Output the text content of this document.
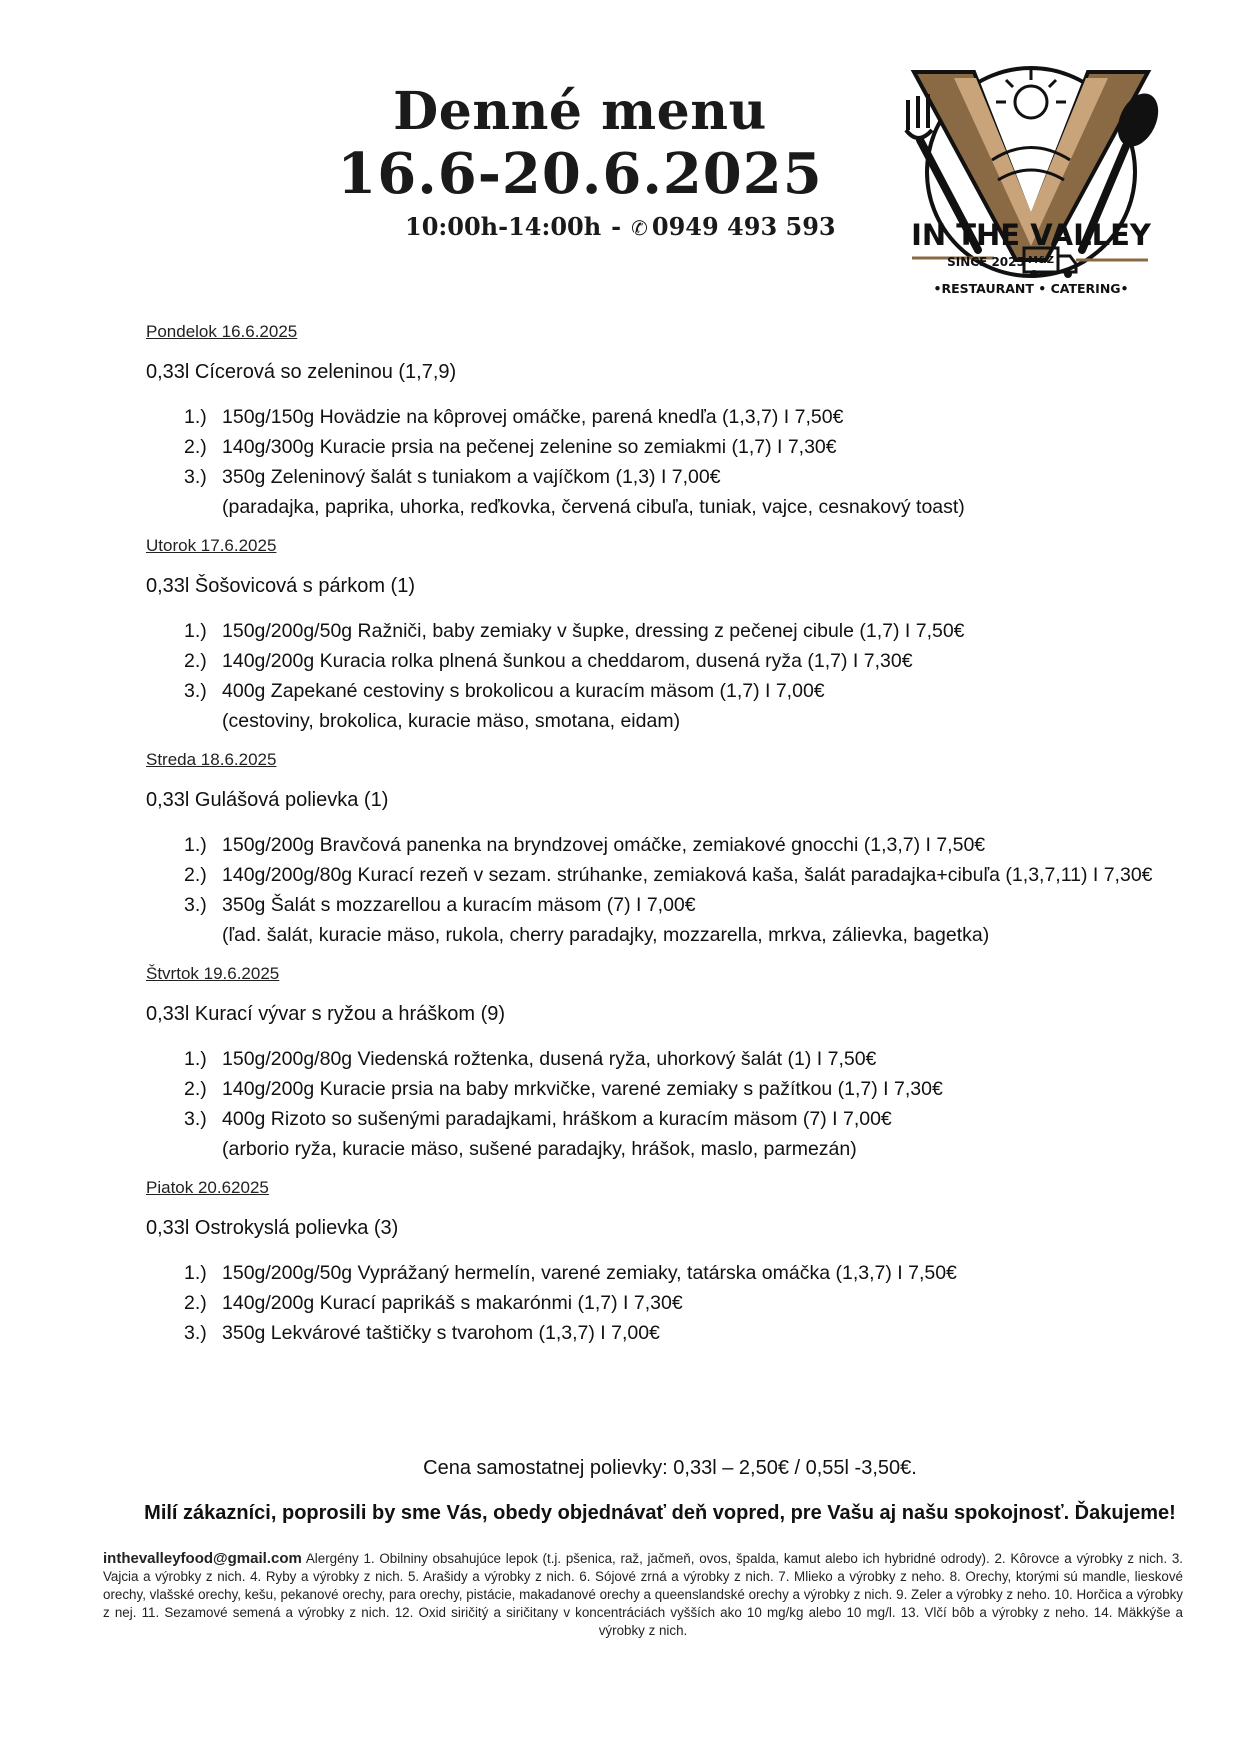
Denné menu
16.6-20.6.2025
10:00h-14:00h - ✆ 0949 493 593	IN THE VALLEY
SINCE 2025 M&Z
•RESTAURANT • CATERING•
Pondelok 16.6.2025
0,33l Cícerová so zeleninou (1,7,9)
1.) 150g/150g Hovädzie na kôprovej omáčke, parená knedľa (1,3,7) I 7,50€
2.) 140g/300g Kuracie prsia na pečenej zelenine so zemiakmi (1,7) I 7,30€
3.) 350g Zeleninový šalát s tuniakom a vajíčkom (1,3) I 7,00€
(paradajka, paprika, uhorka, reďkovka, červená cibuľa, tuniak, vajce, cesnakový toast)
Utorok 17.6.2025
0,33l Šošovicová s párkom (1)
1.) 150g/200g/50g Ražniči, baby zemiaky v šupke, dressing z pečenej cibule (1,7) I 7,50€
2.) 140g/200g Kuracia rolka plnená šunkou a cheddarom, dusená ryža (1,7) I 7,30€
3.) 400g Zapekané cestoviny s brokolicou a kuracím mäsom (1,7) I 7,00€
(cestoviny, brokolica, kuracie mäso, smotana, eidam)
Streda 18.6.2025
0,33l Gulášová polievka (1)
1.) 150g/200g Bravčová panenka na bryndzovej omáčke, zemiakové gnocchi (1,3,7) I 7,50€
2.) 140g/200g/80g Kurací rezeň v sezam. strúhanke, zemiaková kaša, šalát paradajka+cibuľa (1,3,7,11) I 7,30€
3.) 350g Šalát s mozzarellou a kuracím mäsom (7) I 7,00€
(ľad. šalát, kuracie mäso, rukola, cherry paradajky, mozzarella, mrkva, zálievka, bagetka)
Štvrtok 19.6.2025
0,33l Kurací vývar s ryžou a hráškom (9)
1.) 150g/200g/80g Viedenská rožtenka, dusená ryža, uhorkový šalát (1) I 7,50€
2.) 140g/200g Kuracie prsia na baby mrkvičke, varené zemiaky s pažítkou (1,7) I 7,30€
3.) 400g Rizoto so sušenými paradajkami, hráškom a kuracím mäsom (7) I 7,00€
(arborio ryža, kuracie mäso, sušené paradajky, hrášok, maslo, parmezán)
Piatok 20.62025
0,33l Ostrokyslá polievka (3)
1.) 150g/200g/50g Vyprážaný hermelín, varené zemiaky, tatárska omáčka (1,3,7) I 7,50€
2.) 140g/200g Kurací paprikáš s makarónmi (1,7) I 7,30€
3.) 350g Lekvárové taštičky s tvarohom (1,3,7) I 7,00€
Cena samostatnej polievky: 0,33l – 2,50€ / 0,55l -3,50€.
Milí zákazníci, poprosili by sme Vás, obedy objednávať deň vopred, pre Vašu aj našu spokojnosť. Ďakujeme!
inthevalleyfood@gmail.com Alergény 1. Obilniny obsahujúce lepok (t.j. pšenica, raž, jačmeň, ovos, špalda, kamut alebo ich hybridné odrody). 2. Kôrovce a výrobky z nich. 3. Vajcia a výrobky z nich. 4. Ryby a výrobky z nich. 5. Arašidy a výrobky z nich. 6. Sójové zrná a výrobky z nich. 7. Mlieko a výrobky z neho. 8. Orechy, ktorými sú mandle, lieskové orechy, vlašské orechy, kešu, pekanové orechy, para orechy, pistácie, makadanové orechy a queenslandské orechy a výrobky z nich. 9. Zeler a výrobky z neho. 10. Horčica a výrobky z nej. 11. Sezamové semená a výrobky z nich. 12. Oxid siričitý a siričitany v koncentráciách vyšších ako 10 mg/kg alebo 10 mg/l. 13. Vlčí bôb a výrobky z neho. 14. Mäkkýše a výrobky z nich.
